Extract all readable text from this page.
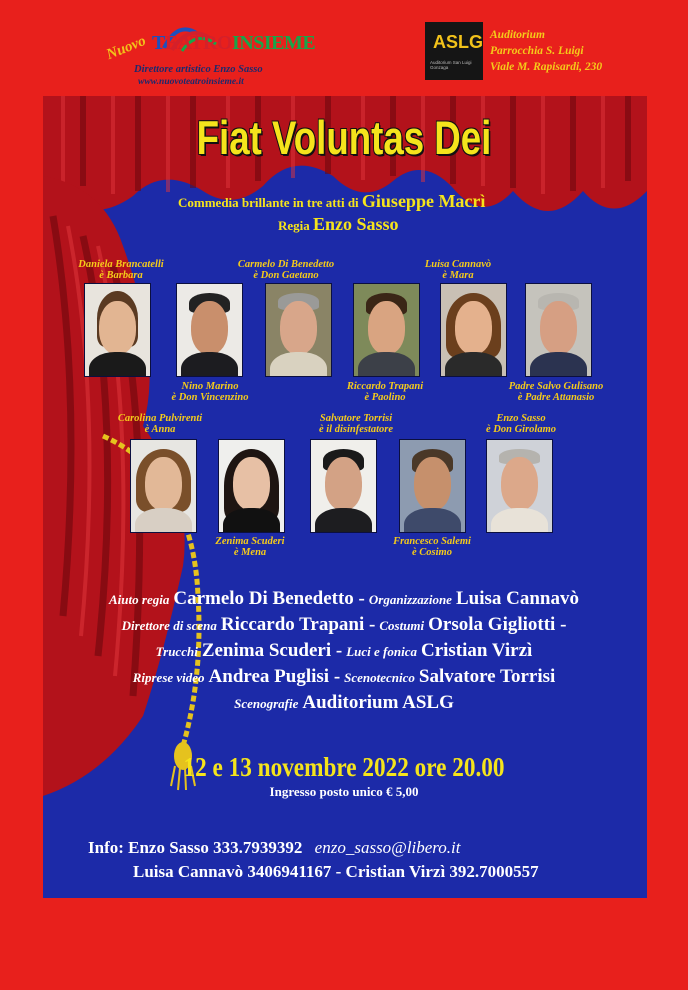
Nuovo TEATROINSIEME
Direttore artistico Enzo Sasso
www.nuovoteatroinsieme.it
ASLG
Auditorium San Luigi Gonzaga
Auditorium
Parrocchia S. Luigi
Viale M. Rapisardi, 230
Fiat Voluntas Dei
Commedia brillante in tre atti di Giuseppe Macrì
Regia Enzo Sasso
Daniela Brancatelli
è Barbara
Carmelo Di Benedetto
è Don Gaetano
Luisa Cannavò
è Mara
Nino Marino
è Don Vincenzino
Riccardo Trapani
è Paolino
Padre Salvo Gulisano
è Padre Attanasio
Carolina Pulvirenti
è Anna
Salvatore Torrisi
è il disinfestatore
Enzo Sasso
è Don Girolamo
Zenima Scuderi
è Mena
Francesco Salemi
è Cosimo
Aiuto regia Carmelo Di Benedetto - Organizzazione Luisa Cannavò
Direttore di scena Riccardo Trapani - Costumi Orsola Gigliotti -
Trucchi Zenima Scuderi - Luci e fonica Cristian Virzì
Riprese video Andrea Puglisi - Scenotecnico Salvatore Torrisi
Scenografie Auditorium ASLG
12 e 13 novembre 2022 ore 20.00
Ingresso posto unico € 5,00
Info: Enzo Sasso 333.7939392 enzo_sasso@libero.it
Luisa Cannavò 3406941167 - Cristian Virzì 392.7000557
